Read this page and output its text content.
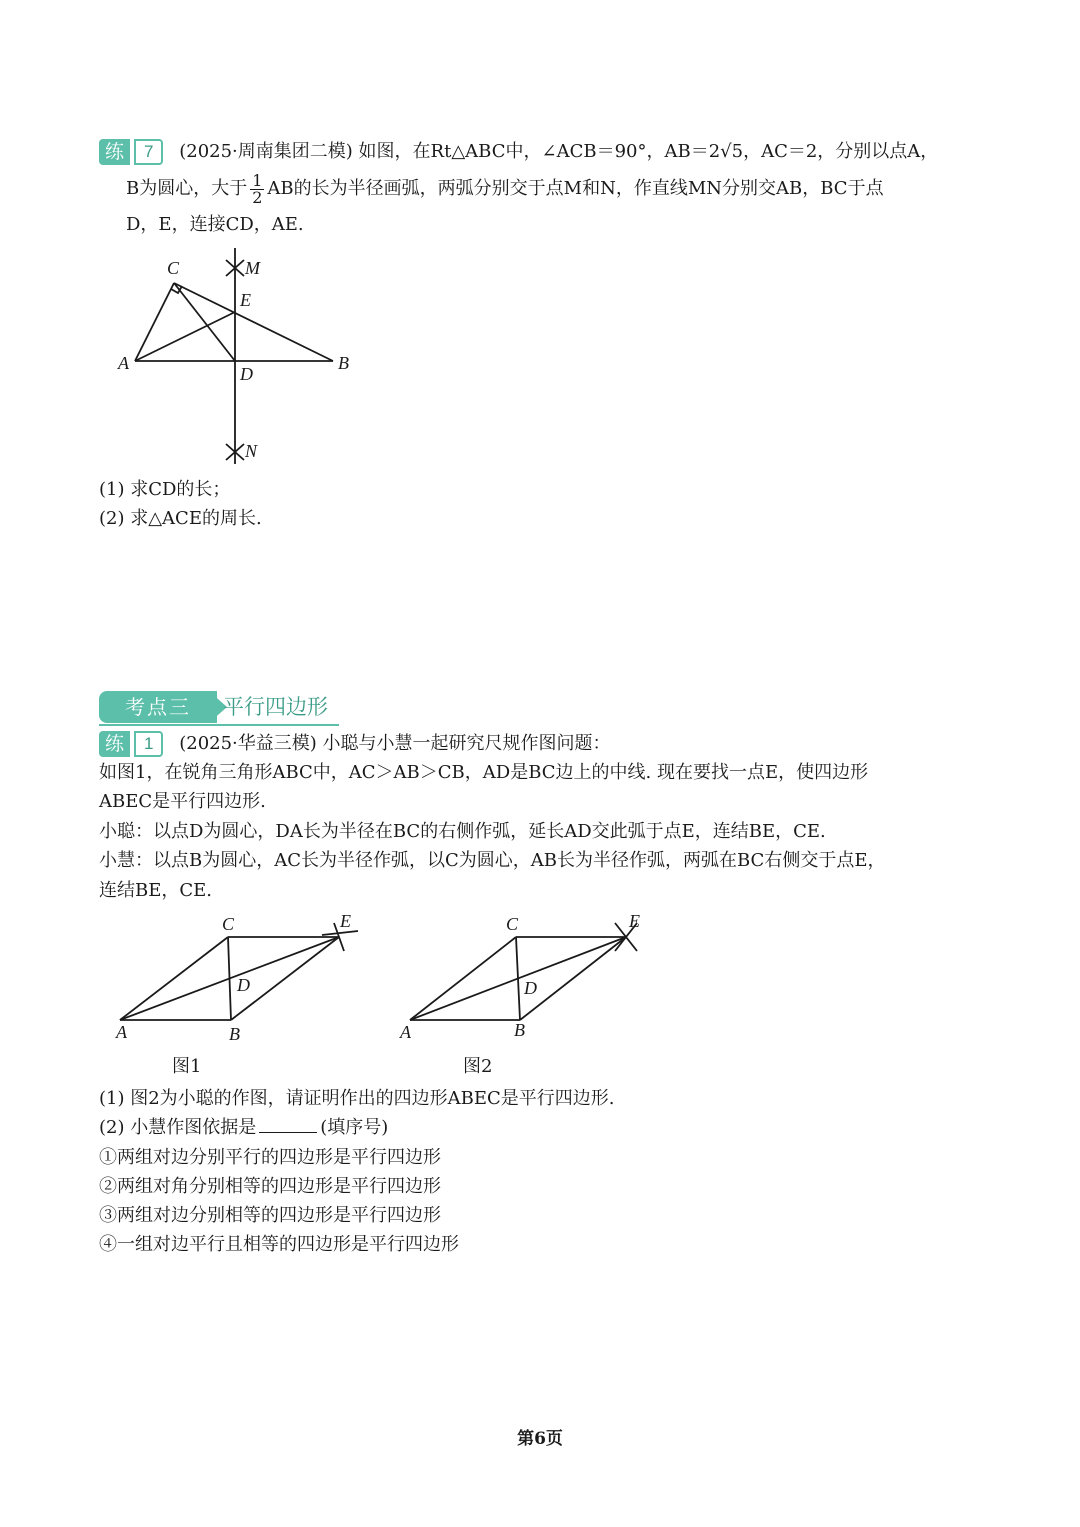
练	7	(2025·周南集团二模) 如图，在Rt△ABC中，∠ACB＝90°，AB＝2√5，AC＝2，分别以点A，
B为圆心，大于 $\frac{1}{2}$ AB的长为半径画弧，两弧分别交于点M和N，作直线MN分别交AB，BC于点
D，E，连接CD，AE.
C	M
E
A
D
B
N
(1) 求CD的长；
(2) 求△ACE的周长.
考点三	平行四边形
练	1	(2025·华益三模) 小聪与小慧一起研究尺规作图问题：
如图1，在锐角三角形ABC中，AC＞AB＞CB，AD是BC边上的中线. 现在要找一点E，使四边形
ABEC是平行四边形.
小聪：以点D为圆心，DA长为半径在BC的右侧作弧，延长AD交此弧于点E，连结BE，CE.
小慧：以点B为圆心，AC长为半径作弧，以C为圆心，AB长为半径作弧，两弧在BC右侧交于点E，
连结BE，CE.
A	B
C
D
E
图1
A	B
C
D
E
图2
(1) 图2为小聪的作图，请证明作出的四边形ABEC是平行四边形.
(2) 小慧作图依据是	(填序号)
①两组对边分别平行的四边形是平行四边形
②两组对角分别相等的四边形是平行四边形
③两组对边分别相等的四边形是平行四边形
④一组对边平行且相等的四边形是平行四边形
第6页
